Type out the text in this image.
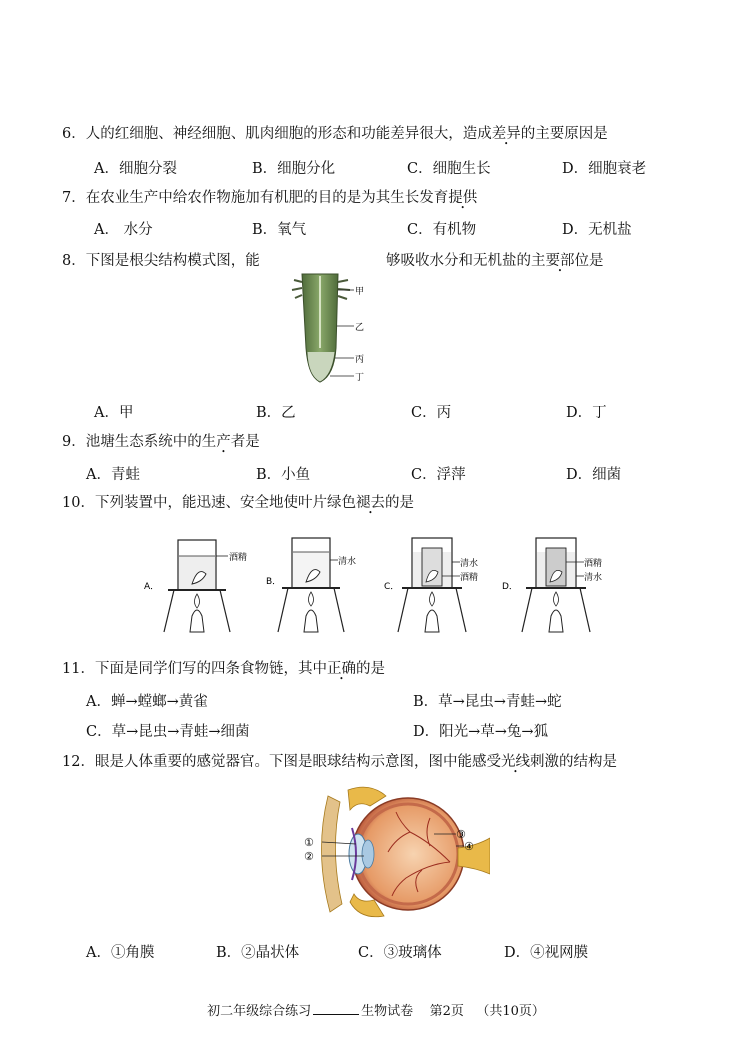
6．人的红细胞、神经细胞、肌肉细胞的形态和功能差异很大，造成差异的主要原因是
A．细胞分裂	B．细胞分化	C．细胞生长	D．细胞衰老
7．在农业生产中给农作物施加有机肥的目的是为其生长发育提供
A． 水分	B．氧气	C．有机物	D．无机盐
8．下图是根尖结构模式图，能	够吸收水分和无机盐的主要部位是
甲
乙
丙
丁
A．甲	B．乙	C．丙	D．丁
9．池塘生态系统中的生产者是
A．青蛙	B．小鱼	C．浮萍	D．细菌
10．下列装置中，能迅速、安全地使叶片绿色褪去的是
A．
酒精
B．
清水
C．
清水
酒精
D．
酒精
清水
11．下面是同学们写的四条食物链，其中正确的是
A．蝉→螳螂→黄雀	B．草→昆虫→青蛙→蛇
C．草→昆虫→青蛙→细菌	D．阳光→草→兔→狐
12．眼是人体重要的感觉器官。下图是眼球结构示意图，图中能感受光线刺激 •的结构是
①
②
③
④
A．①角膜	B．②晶状体	C．③玻璃体	D．④视网膜
初二年级综合练习	生物试卷 第2页 （共10页）
